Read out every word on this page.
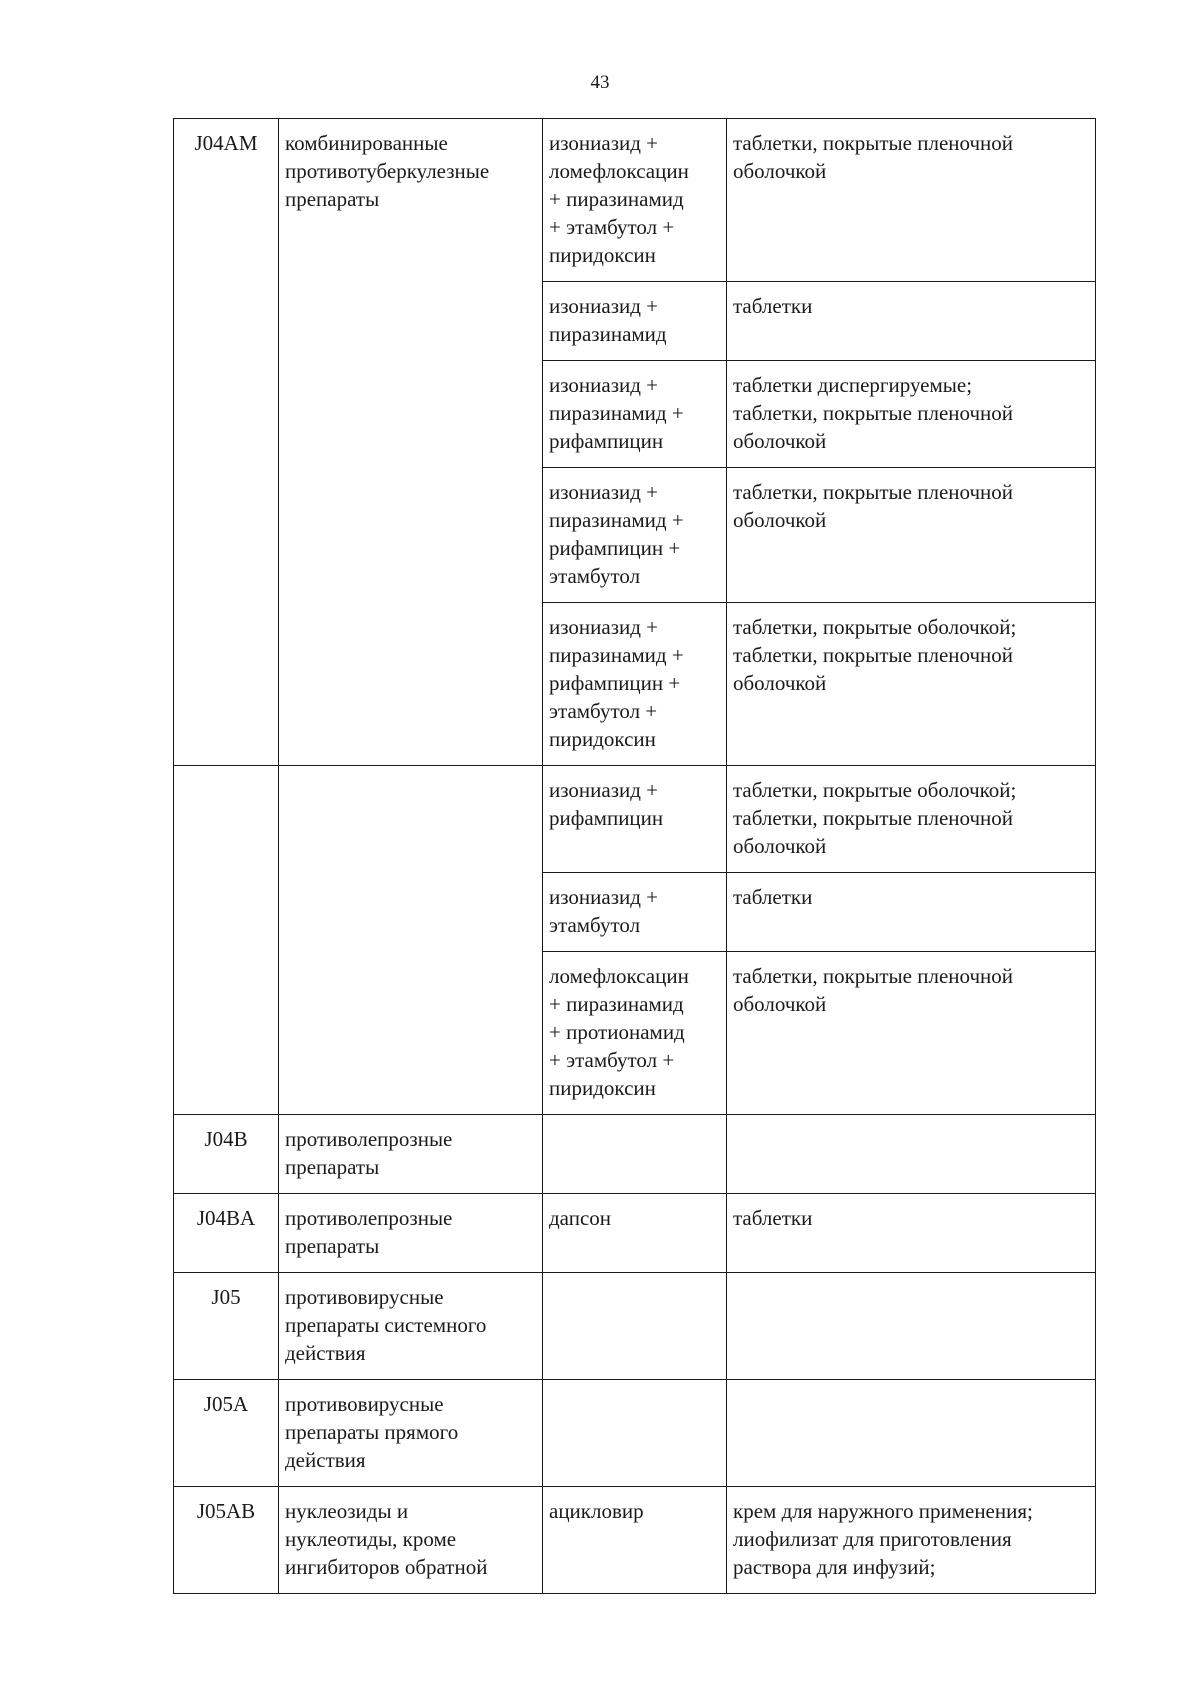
43
J04AM	комбинированные
противотуберкулезные
препараты	изониазид +
ломефлоксацин
+ пиразинамид
+ этамбутол +
пиридоксин	таблетки, покрытые пленочной
оболочкой

		изониазид +
пиразинамид	таблетки

		изониазид +
пиразинамид +
рифампицин	таблетки диспергируемые;
таблетки, покрытые пленочной
оболочкой

		изониазид +
пиразинамид +
рифампицин +
этамбутол	таблетки, покрытые пленочной
оболочкой

		изониазид +
пиразинамид +
рифампицин +
этамбутол +
пиридоксин	таблетки, покрытые оболочкой;
таблетки, покрытые пленочной
оболочкой

		изониазид +
рифампицин	таблетки, покрытые оболочкой;
таблетки, покрытые пленочной
оболочкой

		изониазид +
этамбутол	таблетки

		ломефлоксацин
+ пиразинамид
+ протионамид
+ этамбутол +
пиридоксин	таблетки, покрытые пленочной
оболочкой

J04B	противолепрозные
препараты		

J04BA	противолепрозные
препараты	дапсон	таблетки

J05	противовирусные
препараты системного
действия		

J05A	противовирусные
препараты прямого
действия		

J05AB	нуклеозиды и
нуклеотиды, кроме
ингибиторов обратной	ацикловир	крем для наружного применения;
лиофилизат для приготовления
раствора для инфузий;
